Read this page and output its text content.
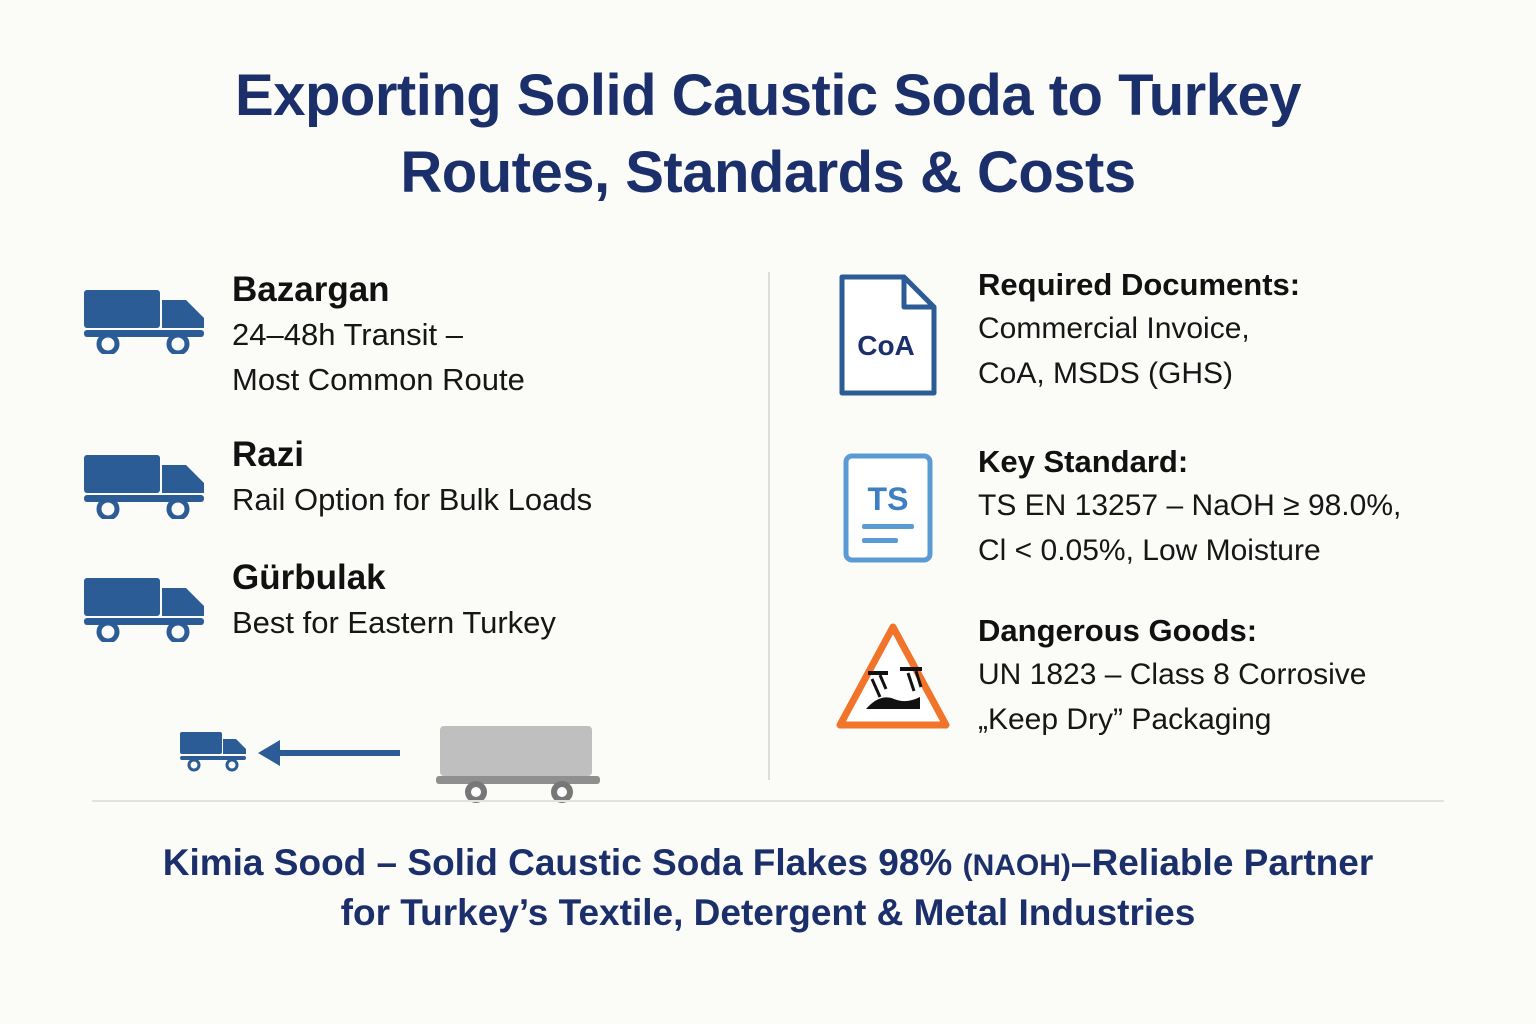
Exporting Solid Caustic Soda to Turkey
Routes, Standards & Costs
Bazargan
24–48h Transit –
Most Common Route
Razi
Rail Option for Bulk Loads
Gürbulak
Best for Eastern Turkey
CoA
Required Documents:
Commercial Invoice,
CoA, MSDS (GHS)
TS
Key Standard:
TS EN 13257 – NaOH ≥ 98.0%,
Cl < 0.05%, Low Moisture
Dangerous Goods:
UN 1823 – Class 8 Corrosive
„Keep Dry” Packaging
Kimia Sood – Solid Caustic Soda Flakes 98% (NAOH)–Reliable Partner
for Turkey’s Textile, Detergent & Metal Industries
